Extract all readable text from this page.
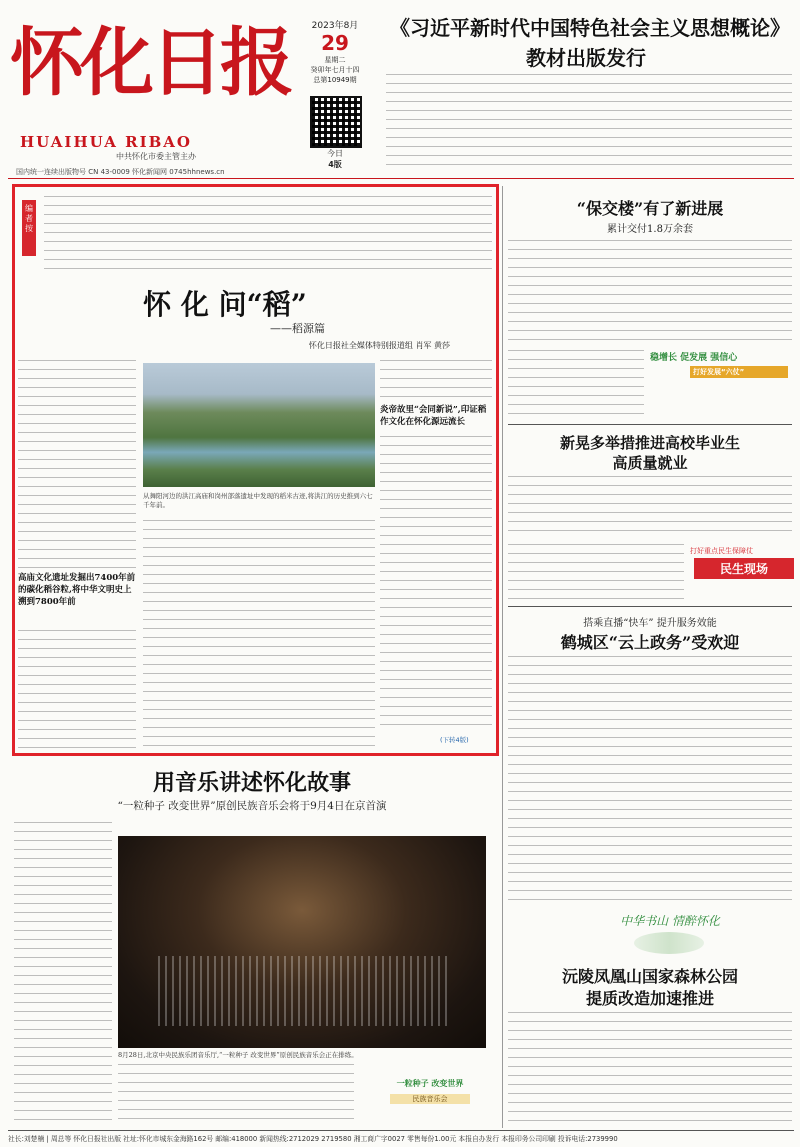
怀化日报
HUAIHUA RIBAO
中共怀化市委主管主办
国内统一连续出版物号 CN 43-0009 怀化新闻网 0745hhnews.cn
2023年8月
29
星期二
癸卯年七月十四
总第10949期
今日
4版
《习近平新时代中国特色社会主义思想概论》
教材出版发行
编者按
怀 化 问“稻”
——稻源篇
怀化日报社全媒体特别报道组 肖军 黄莎
从舞阳河边的洪江高庙和岗州部落遗址中发现的稻米古迹,将洪江的历史推到六七千年前。
高庙文化遗址发掘出7400年前的碳化稻谷粒,将中华文明史上溯到7800年前
炎帝故里“会同新说”,印证稻作文化在怀化源远流长
(下转4版)
“保交楼”有了新进展
累计交付1.8万余套
稳增长 促发展 强信心
打好发展“六仗”
新晃多举措推进高校毕业生
高质量就业
打好重点民生保障仗
民生现场
搭乘直播“快车” 提升服务效能
鹤城区“云上政务”受欢迎
中华书山 情醉怀化
沅陵凤凰山国家森林公园
提质改造加速推进
用音乐讲述怀化故事
“一粒种子 改变世界”原创民族音乐会将于9月4日在京首演
8月28日,北京中央民族乐团音乐厅,“一粒种子 改变世界”原创民族音乐会正在排练。
一粒种子 改变世界
民族音乐会
社长:刘楚楠 | 周总等 怀化日报社出版 社址:怀化市城东金海路162号 邮编:418000 新闻热线:2712029 2719580 湘工商广字0027 零售每份1.00元 本报自办发行 本报印务公司印刷 投诉电话:2739990
